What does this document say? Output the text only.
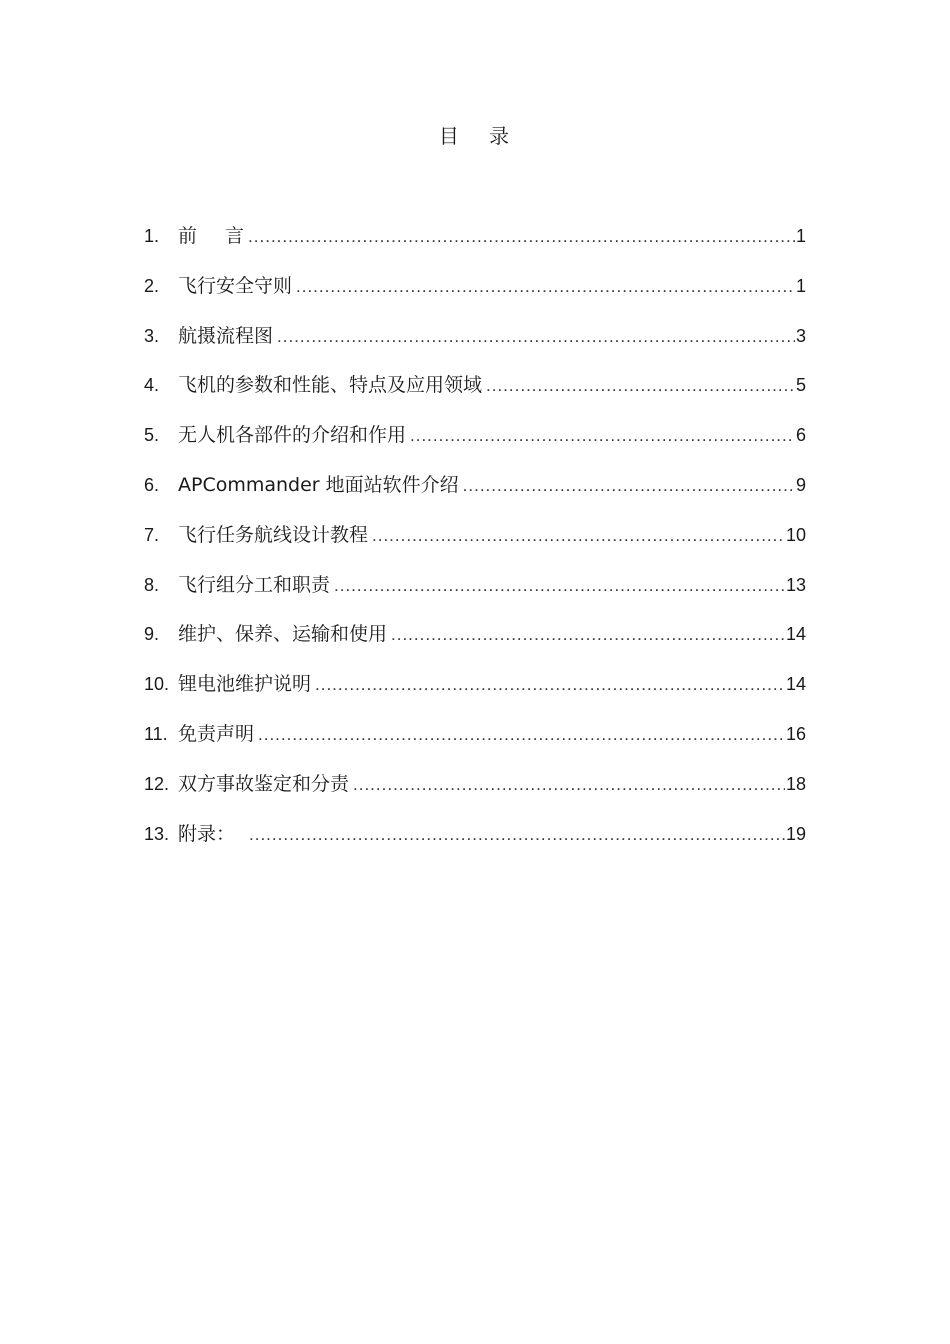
目 录
1. 前 言 .....	1
2. 飞行安全守则 .....	1
3. 航摄流程图 .....	3
4. 飞机的参数和性能、特点及应用领域 .....	5
5. 无人机各部件的介绍和作用 .....	6
6. APCommander 地面站软件介绍 .....	9
7. 飞行任务航线设计教程 .....	10
8. 飞行组分工和职责 .....	13
9. 维护、保养、运输和使用 .....	14
10. 锂电池维护说明 .....	14
11. 免责声明 .....	16
12. 双方事故鉴定和分责 .....	18
13. 附录： .....	19
